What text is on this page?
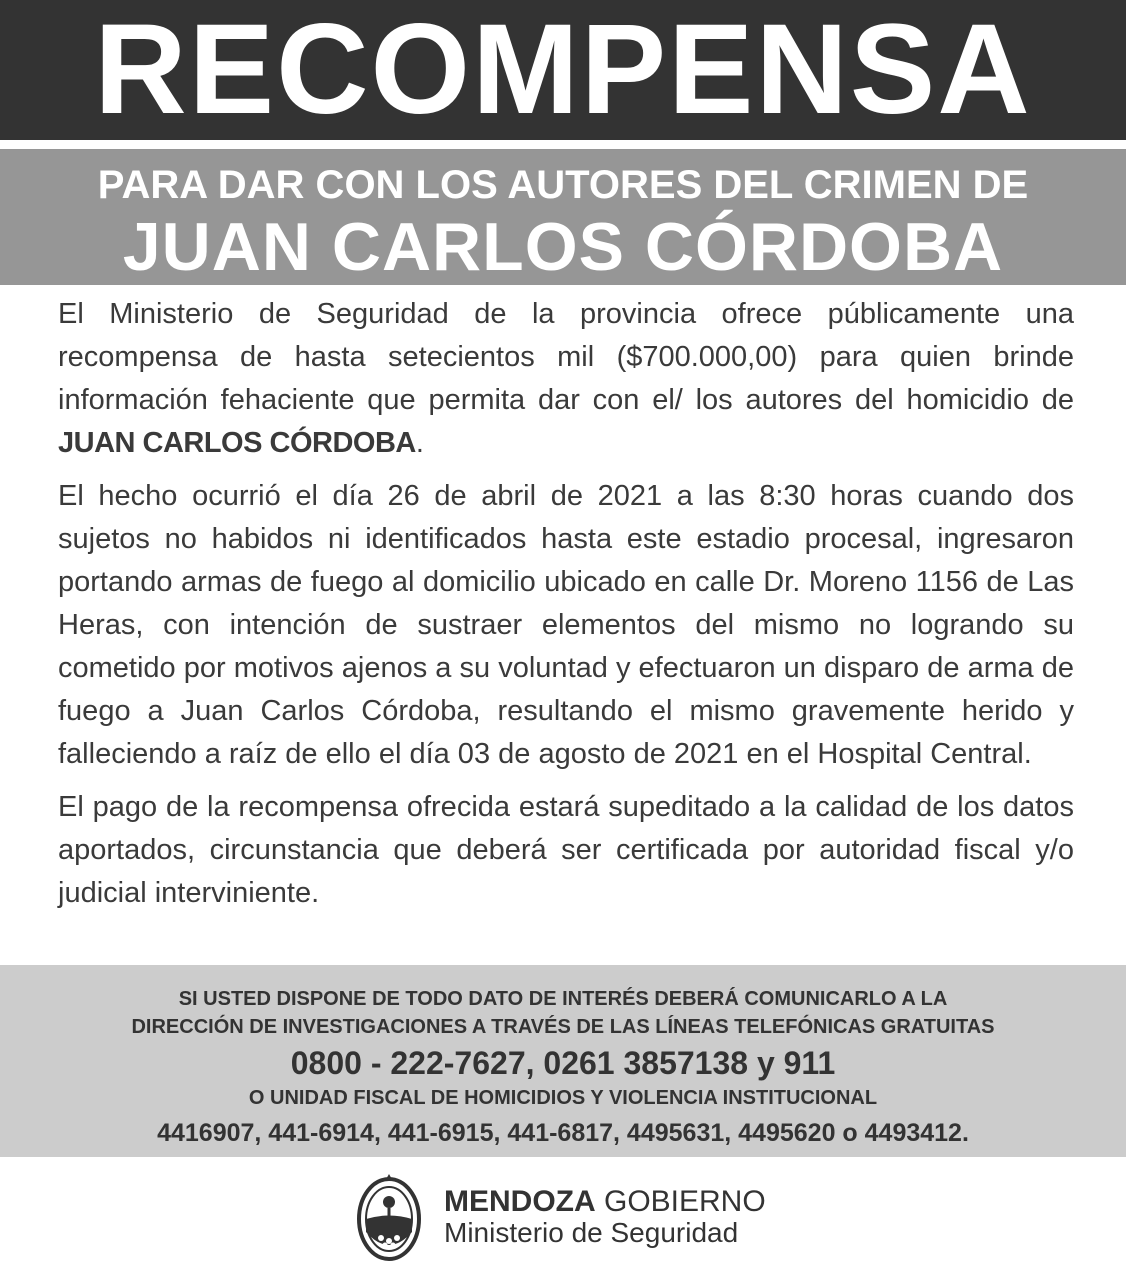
RECOMPENSA
PARA DAR CON LOS AUTORES DEL CRIMEN DE
JUAN CARLOS CÓRDOBA

El Ministerio de Seguridad de la provincia ofrece públicamente una recompensa de hasta setecientos mil ($700.000,00) para quien brinde información fehaciente que permita dar con el/ los autores del homicidio de JUAN CARLOS CÓRDOBA.

El hecho ocurrió el día 26 de abril de 2021 a las 8:30 horas cuando dos sujetos no habidos ni identificados hasta este estadio procesal, ingresaron portando armas de fuego al domicilio ubicado en calle Dr. Moreno 1156 de Las Heras, con intención de sustraer elementos del mismo no logrando su cometido por motivos ajenos a su voluntad y efectuaron un disparo de arma de fuego a Juan Carlos Córdoba, resultando el mismo gravemente herido y falleciendo a raíz de ello el día 03 de agosto de 2021 en el Hospital Central.

El pago de la recompensa ofrecida estará supeditado a la calidad de los datos aportados, circunstancia que deberá ser certificada por autoridad fiscal y/o judicial interviniente.

SI USTED DISPONE DE TODO DATO DE INTERÉS DEBERÁ COMUNICARLO A LA
DIRECCIÓN DE INVESTIGACIONES A TRAVÉS DE LAS LÍNEAS TELEFÓNICAS GRATUITAS
0800 - 222-7627, 0261 3857138 y 911
O UNIDAD FISCAL DE HOMICIDIOS Y VIOLENCIA INSTITUCIONAL
4416907, 441-6914, 441-6915, 441-6817, 4495631, 4495620 o 4493412.
MENDOZA GOBIERNO
Ministerio de Seguridad
